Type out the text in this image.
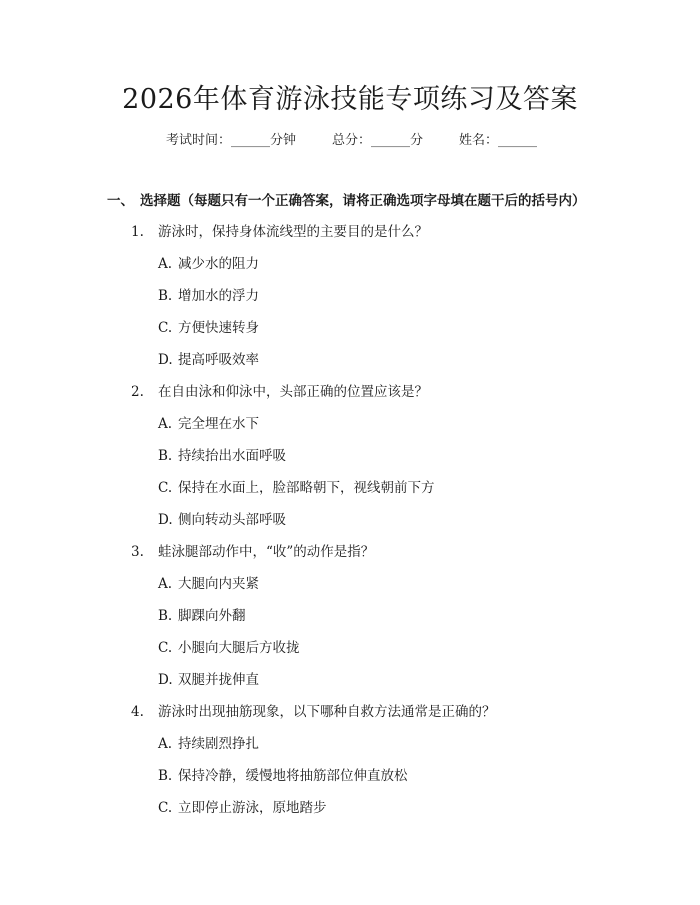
2026年体育游泳技能专项练习及答案
考试时间：______分钟	总分：______分	姓名：______
一、 选择题（每题只有一个正确答案，请将正确选项字母填在题干后的括号内）
1. 游泳时，保持身体流线型的主要目的是什么？
A. 减少水的阻力
B. 增加水的浮力
C. 方便快速转身
D. 提高呼吸效率
2. 在自由泳和仰泳中，头部正确的位置应该是？
A. 完全埋在水下
B. 持续抬出水面呼吸
C. 保持在水面上，脸部略朝下，视线朝前下方
D. 侧向转动头部呼吸
3. 蛙泳腿部动作中，“收”的动作是指？
A. 大腿向内夹紧
B. 脚踝向外翻
C. 小腿向大腿后方收拢
D. 双腿并拢伸直
4. 游泳时出现抽筋现象，以下哪种自救方法通常是正确的？
A. 持续剧烈挣扎
B. 保持冷静，缓慢地将抽筋部位伸直放松
C. 立即停止游泳，原地踏步
